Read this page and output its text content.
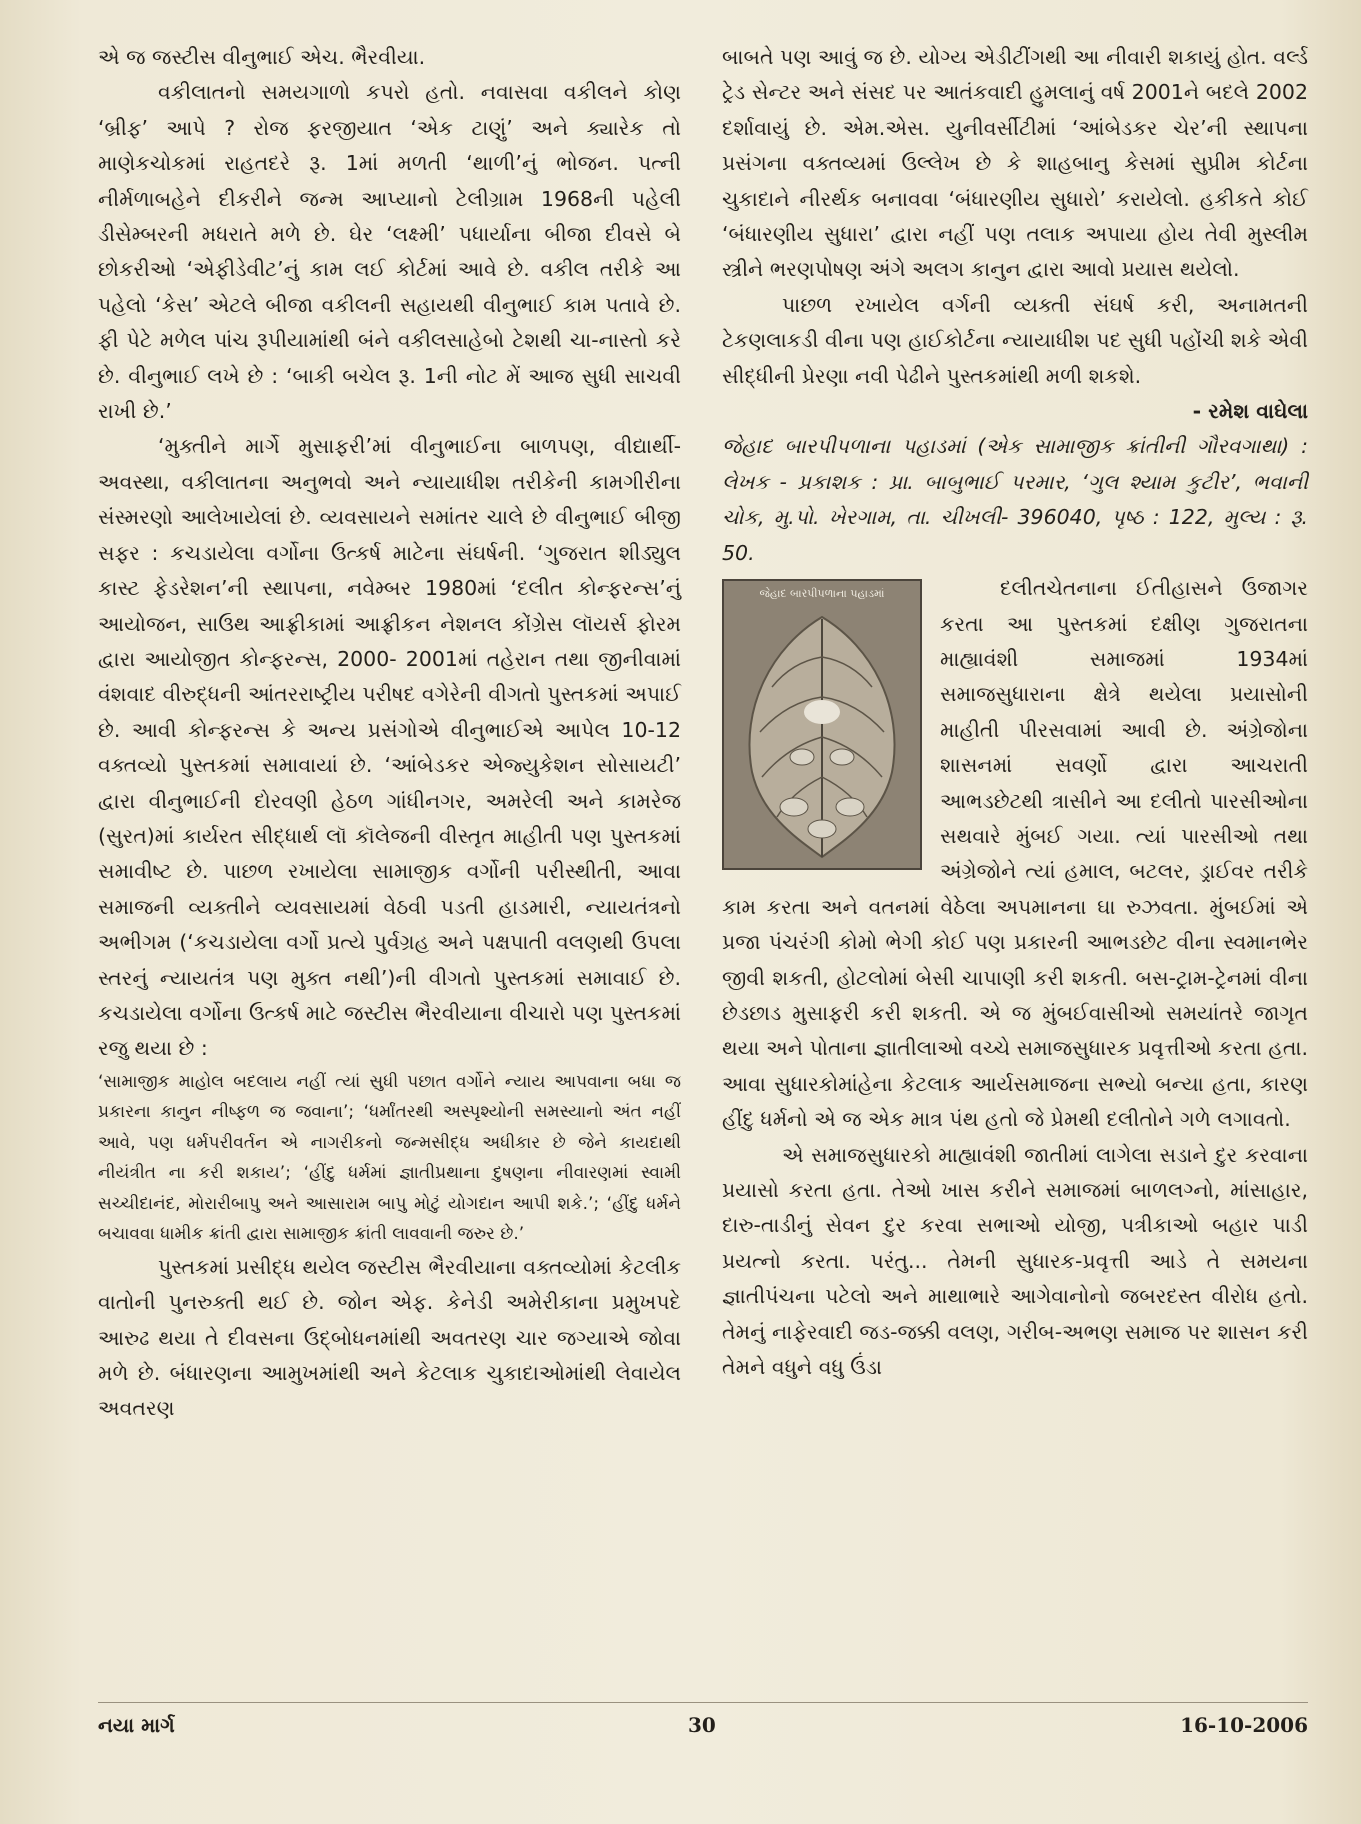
એ જ જસ્ટીસ વીનુભાઈ એચ. ભૈરવીયા.

વકીલાતનો સમયગાળો કપરો હતો. નવાસવા વકીલને કોણ ‘બ્રીફ’ આપે ? રોજ ફરજીયાત ‘એક ટાણું’ અને ક્યારેક તો માણેકચોકમાં રાહતદરે રૂ. 1માં મળતી ‘થાળી’નું ભોજન. પત્ની નીર્મળાબહેને દીકરીને જન્મ આપ્યાનો ટેલીગ્રામ 1968ની પહેલી ડીસેમ્બરની મધરાતે મળે છે. ઘેર ‘લક્ષ્મી’ પધાર્યાના બીજા દીવસે બે છોકરીઓ ‘એફીડેવીટ’નું કામ લઈ કોર્ટમાં આવે છે. વકીલ તરીકે આ પહેલો ‘કેસ’ એટલે બીજા વકીલની સહાયથી વીનુભાઈ કામ પતાવે છે. ફી પેટે મળેલ પાંચ રૂપીયામાંથી બંને વકીલસાહેબો ટેશથી ચા-નાસ્તો કરે છે. વીનુભાઈ લખે છે : ‘બાકી બચેલ રૂ. 1ની નોટ મેં આજ સુધી સાચવી રાખી છે.’

‘મુક્તીને માર્ગે મુસાફરી’માં વીનુભાઈના બાળપણ, વીદ્યાર્થી-અવસ્થા, વકીલાતના અનુભવો અને ન્યાયાધીશ તરીકેની કામગીરીના સંસ્મરણો આલેખાયેલાં છે. વ્યવસાયને સમાંતર ચાલે છે વીનુભાઈ બીજી સફર : કચડાયેલા વર્ગોના ઉત્કર્ષ માટેના સંઘર્ષની. ‘ગુજરાત શીડ્યુલ કાસ્ટ ફેડરેશન’ની સ્થાપના, નવેમ્બર 1980માં ‘દલીત કોન્ફરન્સ’નું આયોજન, સાઉથ આફ્રીકામાં આફ્રીકન નેશનલ કોંગ્રેસ લૉયર્સ ફોરમ દ્વારા આયોજીત કોન્ફરન્સ, 2000- 2001માં તહેરાન તથા જીનીવામાં વંશવાદ વીરુદ્ધની આંતરરાષ્ટ્રીય પરીષદ વગેરેની વીગતો પુસ્તકમાં અપાઈ છે. આવી કોન્ફરન્સ કે અન્ય પ્રસંગોએ વીનુભાઈએ આપેલ 10-12 વક્તવ્યો પુસ્તકમાં સમાવાયાં છે. ‘આંબેડકર એજ્યુકેશન સોસાયટી’ દ્વારા વીનુભાઈની દોરવણી હેઠળ ગાંધીનગર, અમરેલી અને કામરેજ (સુરત)માં કાર્યરત સીદ્ધાર્થ લૉ કૉલેજની વીસ્તૃત માહીતી પણ પુસ્તકમાં સમાવીષ્ટ છે. પાછળ રખાયેલા સામાજીક વર્ગોની પરીસ્થીતી, આવા સમાજની વ્યક્તીને વ્યવસાયમાં વેઠવી પડતી હાડમારી, ન્યાયતંત્રનો અભીગમ (‘કચડાયેલા વર્ગો પ્રત્યે પુર્વગ્રહ અને પક્ષપાતી વલણથી ઉપલા સ્તરનું ન્યાયતંત્ર પણ મુક્ત નથી’)ની વીગતો પુસ્તકમાં સમાવાઈ છે. કચડાયેલા વર્ગોના ઉત્કર્ષ માટે જસ્ટીસ ભૈરવીયાના વીચારો પણ પુસ્તકમાં રજુ થયા છે :

‘સામાજીક માહોલ બદલાય નહીં ત્યાં સુધી પછાત વર્ગોને ન્યાય આપવાના બધા જ પ્રકારના કાનુન નીષ્ફળ જ જવાના’; ‘ધર્માંતરથી અસ્પૃશ્યોની સમસ્યાનો અંત નહીં આવે, પણ ધર્મપરીવર્તન એ નાગરીકનો જન્મસીદ્ધ અધીકાર છે જેને કાયદાથી નીયંત્રીત ના કરી શકાય’; ‘હીંદુ ધર્મમાં જ્ઞાતીપ્રથાના દુષણના નીવારણમાં સ્વામી સચ્ચીદાનંદ, મોરારીબાપુ અને આસારામ બાપુ મોટું યોગદાન આપી શકે.’; ‘હીંદુ ધર્મને બચાવવા ધામીક ક્રાંતી દ્વારા સામાજીક ક્રાંતી લાવવાની જરુર છે.’

પુસ્તકમાં પ્રસીદ્ધ થયેલ જસ્ટીસ ભૈરવીયાના વક્તવ્યોમાં કેટલીક વાતોની પુનરુક્તી થઈ છે. જોન એફ. કેનેડી અમેરીકાના પ્રમુખપદે આરુઢ થયા તે દીવસના ઉદ્બોધનમાંથી અવતરણ ચાર જગ્યાએ જોવા મળે છે. બંધારણના આમુખમાંથી અને કેટલાક ચુકાદાઓમાંથી લેવાયેલ અવતરણ

બાબતે પણ આવું જ છે. યોગ્ય એડીટીંગથી આ નીવારી શકાયું હોત. વર્લ્ડ ટ્રેડ સેન્ટર અને સંસદ પર આતંકવાદી હુમલાનું વર્ષ 2001ને બદલે 2002 દર્શાવાયું છે. એમ.એસ. યુનીવર્સીટીમાં ‘આંબેડકર ચેર’ની સ્થાપના પ્રસંગના વક્તવ્યમાં ઉલ્લેખ છે કે શાહબાનુ કેસમાં સુપ્રીમ કોર્ટના ચુકાદાને નીરર્થક બનાવવા ‘બંધારણીય સુધારો’ કરાયેલો. હકીકતે કોઈ ‘બંધારણીય સુધારા’ દ્વારા નહીં પણ તલાક અપાયા હોય તેવી મુસ્લીમ સ્ત્રીને ભરણપોષણ અંગે અલગ કાનુન દ્વારા આવો પ્રયાસ થયેલો.

પાછળ રખાયેલ વર્ગની વ્યક્તી સંઘર્ષ કરી, અનામતની ટેકણલાકડી વીના પણ હાઈકોર્ટના ન્યાયાધીશ પદ સુધી પહોંચી શકે એવી સીદ્ધીની પ્રેરણા નવી પેઢીને પુસ્તકમાંથી મળી શકશે.

- રમેશ વાઘેલા

જેહાદ બારપીપળાના પહાડમાં (એક સામાજીક ક્રાંતીની ગૌરવગાથા) : લેખક - પ્રકાશક : પ્રા. બાબુભાઈ પરમાર, ‘ગુલ શ્યામ કુટીર’, ભવાની ચોક, મુ.પો. ખેરગામ, તા. ચીખલી- 396040, પૃષ્ઠ : 122, મુલ્ય : રૂ. 50.

જેહાદ બારપીપળાના પહાડમાં	દલીતચેતનાના ઈતીહાસને ઉજાગર કરતા આ પુસ્તકમાં દક્ષીણ ગુજરાતના માહ્યાવંશી સમાજમાં 1934માં સમાજસુધારાના ક્ષેત્રે થયેલા પ્રયાસોની માહીતી પીરસવામાં આવી છે. અંગ્રેજોના શાસનમાં સવર્ણો દ્વારા આચરાતી આભડછેટથી ત્રાસીને આ દલીતો પારસીઓના સથવારે મુંબઈ ગયા. ત્યાં પારસીઓ તથા અંગ્રેજોને ત્યાં હમાલ, બટલર, ડ્રાઈવર તરીકે કામ કરતા અને વતનમાં વેઠેલા અપમાનના ઘા રુઝવતા. મુંબઈમાં એ પ્રજા પંચરંગી કોમો ભેગી કોઈ પણ પ્રકારની આભડછેટ વીના સ્વમાનભેર જીવી શકતી, હોટલોમાં બેસી ચાપાણી કરી શકતી. બસ-ટ્રામ-ટ્રેનમાં વીના છેડછાડ મુસાફરી કરી શકતી. એ જ મુંબઈવાસીઓ સમયાંતરે જાગૃત થયા અને પોતાના જ્ઞાતીલાઓ વચ્ચે સમાજસુધારક પ્રવૃત્તીઓ કરતા હતા. આવા સુધારકોમાંહેના કેટલાક આર્યસમાજના સભ્યો બન્યા હતા, કારણ હીંદુ ધર્મનો એ જ એક માત્ર પંથ હતો જે પ્રેમથી દલીતોને ગળે લગાવતો.

એ સમાજસુધારકો માહ્યાવંશી જાતીમાં લાગેલા સડાને દુર કરવાના પ્રયાસો કરતા હતા. તેઓ ખાસ કરીને સમાજમાં બાળલગ્નો, માંસાહાર, દારુ-તાડીનું સેવન દુર કરવા સભાઓ યોજી, પત્રીકાઓ બહાર પાડી પ્રયત્નો કરતા. પરંતુ... તેમની સુધારક-પ્રવૃત્તી આડે તે સમયના જ્ઞાતીપંચના પટેલો અને માથાભારે આગેવાનોનો જબરદસ્ત વીરોધ હતો. તેમનું નાફેરવાદી જડ-જક્કી વલણ, ગરીબ-અભણ સમાજ પર શાસન કરી તેમને વધુને વધુ ઉંડા

નયા માર્ગ	30	16-10-2006
